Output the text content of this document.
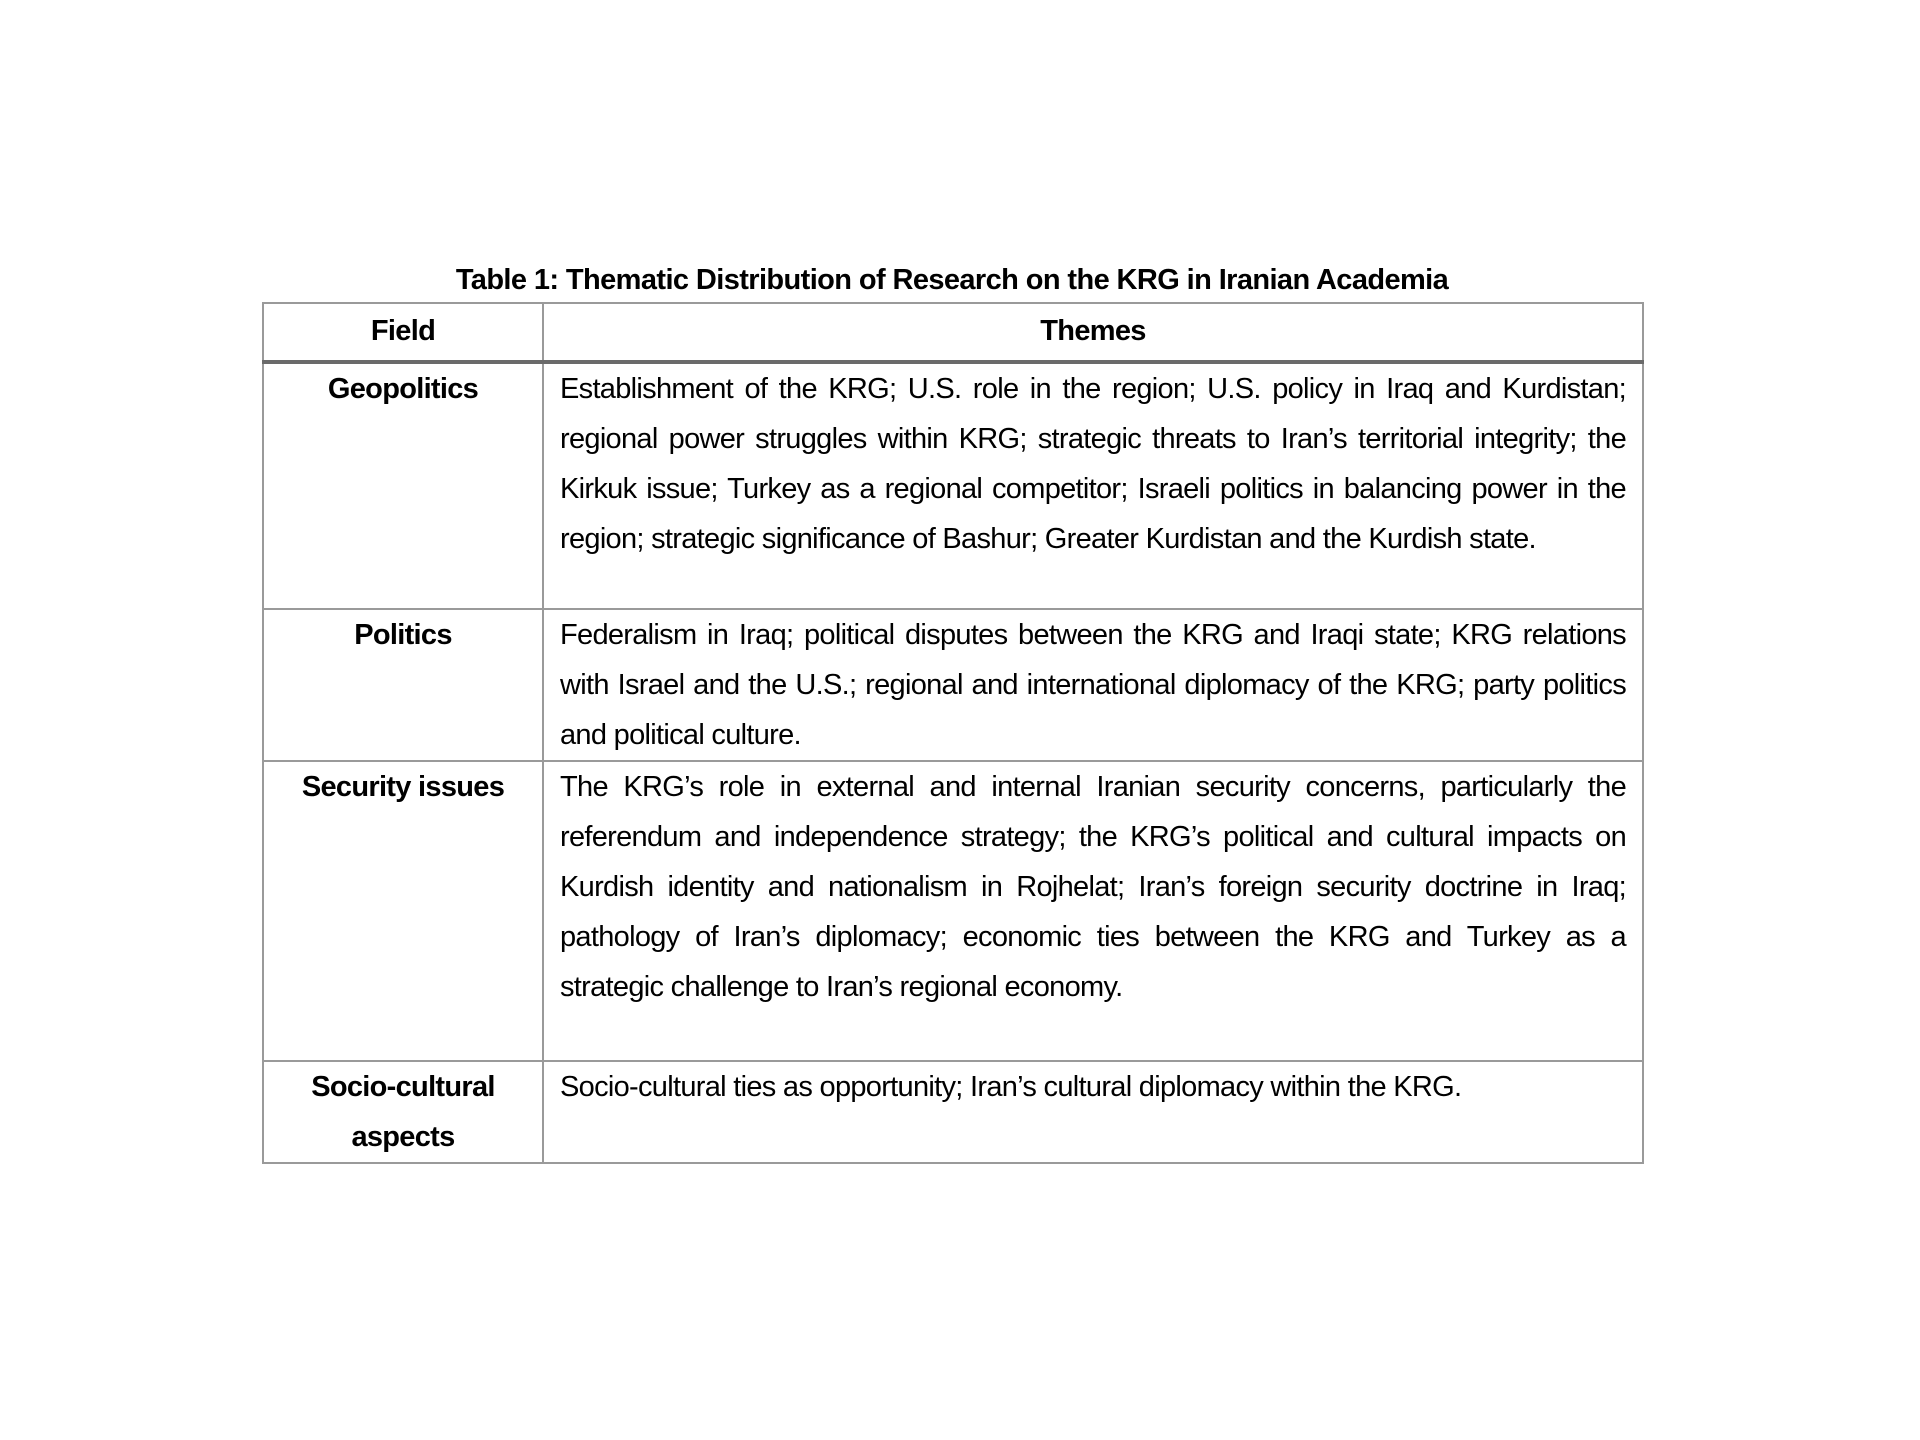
Table 1: Thematic Distribution of Research on the KRG in Iranian Academia
Field	Themes
Geopolitics	Establishment of the KRG; U.S. role in the region; U.S. policy in Iraq and Kurdistan; regional power struggles within KRG; strategic threats to Iran’s territorial integrity; the Kirkuk issue; Turkey as a regional competitor; Israeli politics in balancing power in the region; strategic significance of Bashur; Greater Kurdistan and the Kurdish state.
Politics	Federalism in Iraq; political disputes between the KRG and Iraqi state; KRG relations with Israel and the U.S.; regional and international diplomacy of the KRG; party politics and political culture.
Security issues	The KRG’s role in external and internal Iranian security concerns, particularly the referendum and independence strategy; the KRG’s political and cultural impacts on Kurdish identity and nationalism in Rojhelat; Iran’s foreign security doctrine in Iraq; pathology of Iran’s diplomacy; economic ties between the KRG and Turkey as a strategic challenge to Iran’s regional economy.
Socio-cultural aspects	Socio-cultural ties as opportunity; Iran’s cultural diplomacy within the KRG.
